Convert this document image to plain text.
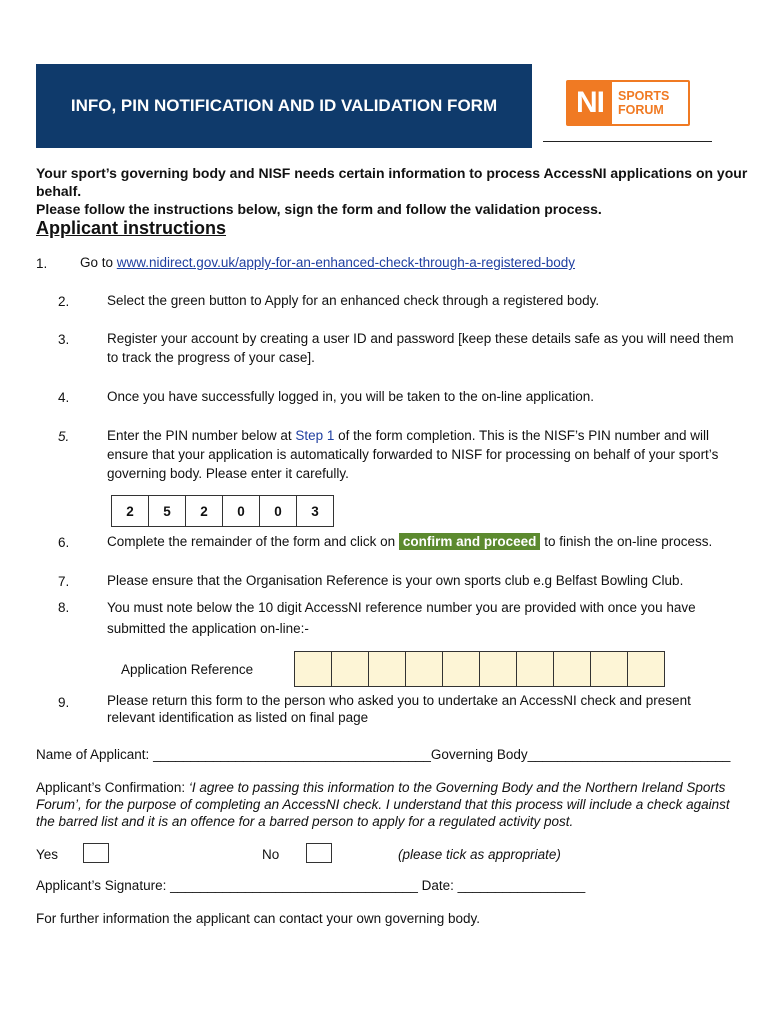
INFO, PIN NOTIFICATION AND ID VALIDATION FORM	NI	SPORTS
FORUM
Your sport’s governing body and NISF needs certain information to process AccessNI applications on your behalf.
Please follow the instructions below, sign the form and follow the validation process.
Applicant instructions
1. Go to www.nidirect.gov.uk/apply-for-an-enhanced-check-through-a-registered-body
2.	Select the green button to Apply for an enhanced check through a registered body.
3.	Register your account by creating a user ID and password [keep these details safe as you will need them to track the progress of your case].
4.	Once you have successfully logged in, you will be taken to the on-line application.
5.	Enter the PIN number below at Step 1 of the form completion. This is the NISF’s PIN number and will ensure that your application is automatically forwarded to NISF for processing on behalf of your sport’s governing body. Please enter it carefully.
2	5	2	0	0	3
6.	Complete the remainder of the form and click on confirm and proceed to finish the on-line process.
7.	Please ensure that the Organisation Reference is your own sports club e.g Belfast Bowling Club.
8.	You must note below the 10 digit AccessNI reference number you are provided with once you have submitted the application on-line:-
Application Reference

9.	Please return this form to the person who asked you to undertake an AccessNI check and present relevant identification as listed on final page
Name of Applicant: _____________________________________Governing Body___________________________
Applicant’s Confirmation: ‘I agree to passing this information to the Governing Body and the Northern Ireland Sports Forum’, for the purpose of completing an AccessNI check. I understand that this process will include a check against the barred list and it is an offence for a barred person to apply for a regulated activity post.
Yes	No	(please tick as appropriate)
Applicant’s Signature: _________________________________ Date: _________________
For further information the applicant can contact your own governing body.
